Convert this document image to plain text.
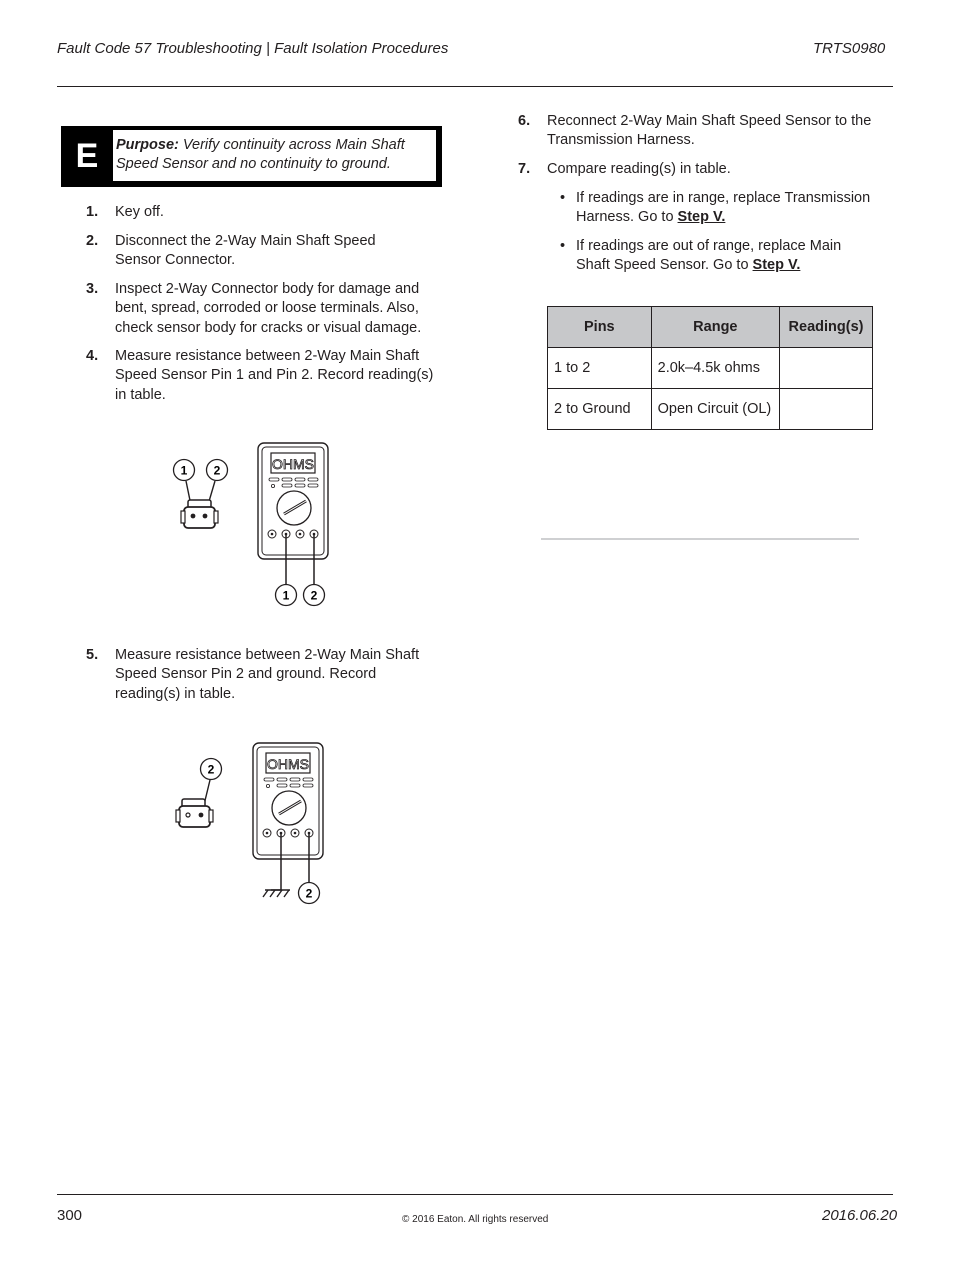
Fault Code 57 Troubleshooting | Fault Isolation Procedures	TRTS0980
E	Purpose: Verify continuity across Main Shaft Speed Sensor and no continuity to ground.
1. Key off.
2. Disconnect the 2-Way Main Shaft Speed Sensor Connector.
3. Inspect 2-Way Connector body for damage and bent, spread, corroded or loose terminals. Also, check sensor body for cracks or visual damage.
4. Measure resistance between 2-Way Main Shaft Speed Sensor Pin 1 and Pin 2. Record reading(s) in table.
1 2	OHMS
1 2
5. Measure resistance between 2-Way Main Shaft Speed Sensor Pin 2 and ground. Record reading(s) in table.
2	OHMS
2
6. Reconnect 2-Way Main Shaft Speed Sensor to the Transmission Harness.
7. Compare reading(s) in table.
• If readings are in range, replace Transmission Harness. Go to Step V.
• If readings are out of range, replace Main Shaft Speed Sensor. Go to Step V.
Pins	Range	Reading(s)
1 to 2	2.0k–4.5k ohms	
2 to Ground	Open Circuit (OL)	
300	© 2016 Eaton. All rights reserved	2016.06.20
